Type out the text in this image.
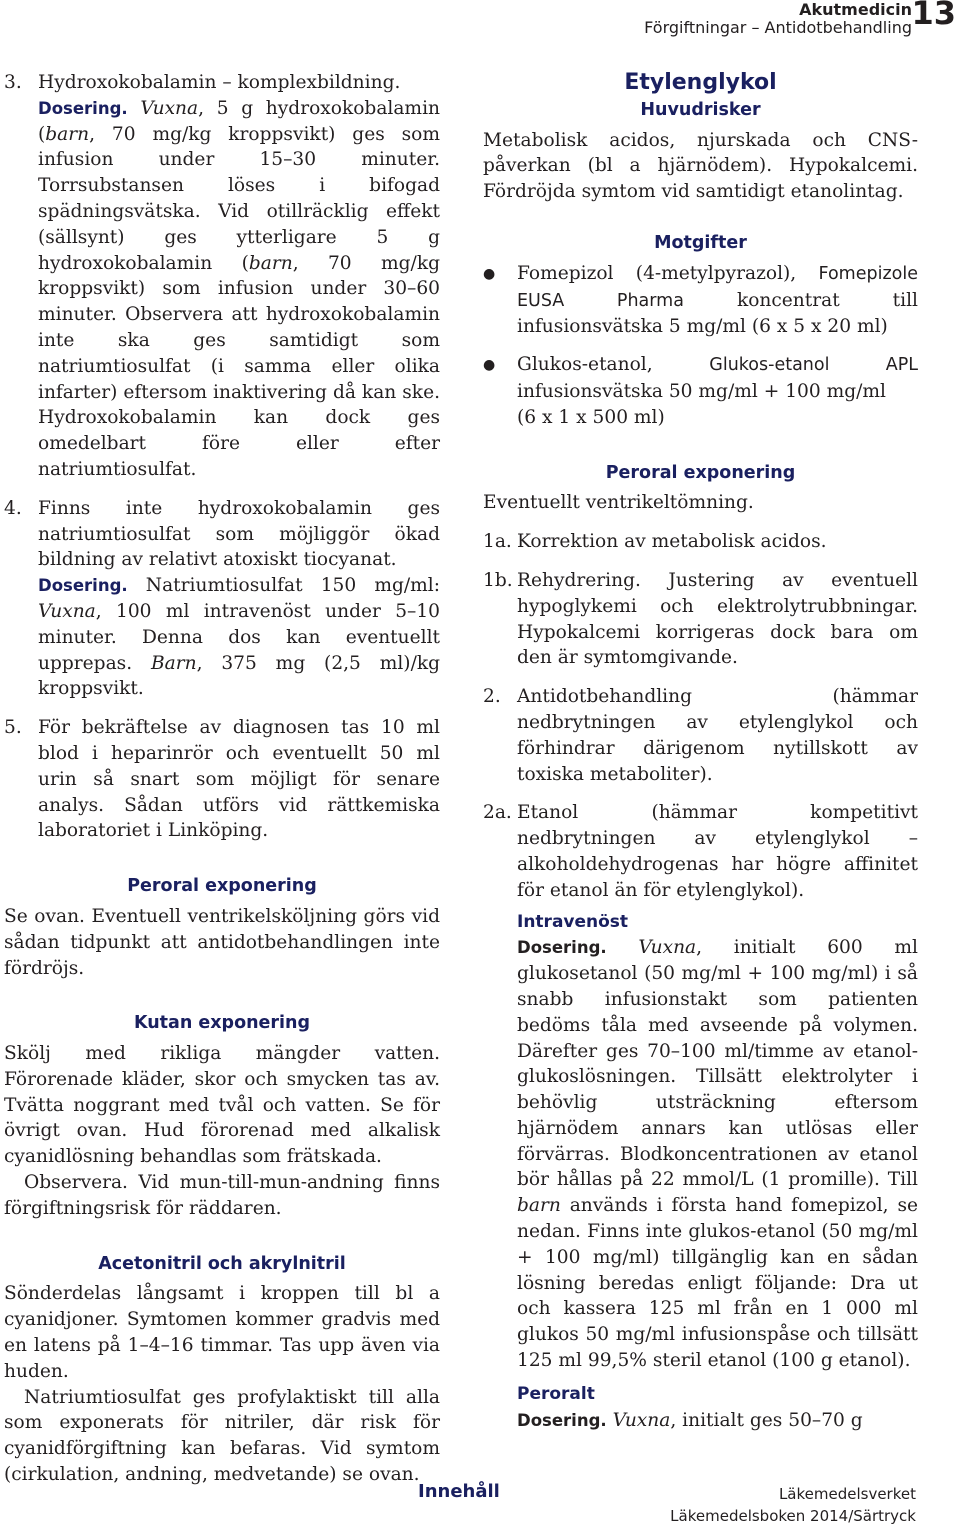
Akutmedicin
Förgiftningar – Antidotbehandling 13
3. Hydroxokobalamin – komplexbildning.
Dosering. Vuxna, 5 g hydroxokobalamin (barn, 70 mg/kg kroppsvikt) ges som infusion under 15–30 minuter. Torrsubstansen löses i bifogad spädningsvätska. Vid otillräcklig effekt (sällsynt) ges ytterligare 5 g hydroxokobalamin (barn, 70 mg/kg kroppsvikt) som infusion under 30–60 minuter. Observera att hydroxokobalamin inte ska ges samtidigt som natriumtiosulfat (i samma eller olika infarter) eftersom inaktivering då kan ske. Hydroxokobalamin kan dock ges omedelbart före eller efter natriumtiosulfat.
4. Finns inte hydroxokobalamin ges natriumtiosulfat som möjliggör ökad bildning av relativt atoxiskt tiocyanat.
Dosering. Natriumtiosulfat 150 mg/ml: Vuxna, 100 ml intravenöst under 5–10 minuter. Denna dos kan eventuellt upprepas. Barn, 375 mg (2,5 ml)/kg kroppsvikt.
5. För bekräftelse av diagnosen tas 10 ml blod i heparinrör och eventuellt 50 ml urin så snart som möjligt för senare analys. Sådan utförs vid rättkemiska laboratoriet i Linköping.
Peroral exponering

Se ovan. Eventuell ventrikelsköljning görs vid sådan tidpunkt att antidotbehandlingen inte fördröjs.

Kutan exponering

Skölj med rikliga mängder vatten. Förorenade kläder, skor och smycken tas av. Tvätta noggrant med tvål och vatten. Se för övrigt ovan. Hud förorenad med alkalisk cyanidlösning behandlas som frätskada.

Observera. Vid mun-till-mun-andning finns förgiftningsrisk för räddaren.

Acetonitril och akrylnitril

Sönderdelas långsamt i kroppen till bl a cyanidjoner. Symtomen kommer gradvis med en latens på 1–4–16 timmar. Tas upp även via huden.

Natriumtiosulfat ges profylaktiskt till alla som exponerats för nitriler, där risk för cyanidförgiftning kan befaras. Vid symtom (cirkulation, andning, medvetande) se ovan.

Etylenglykol
Huvudrisker

Metabolisk acidos, njurskada och CNS-påverkan (bl a hjärnödem). Hypokalcemi. Fördröjda symtom vid samtidigt etanolintag.

Motgifter
●	Fomepizol (4-metylpyrazol), Fomepizole EUSA Pharma koncentrat till infusionsvätska 5 mg/ml (6 x 5 x 20 ml)
●	Glukos-etanol, Glukos-etanol APL infusionsvätska 50 mg/ml + 100 mg/ml
(6 x 1 x 500 ml)
Peroral exponering

Eventuellt ventrikeltömning.

1a. Korrektion av metabolisk acidos.
1b. Rehydrering. Justering av eventuell hypoglykemi och elektrolytrubbningar. Hypokalcemi korrigeras dock bara om den är symtomgivande.
2. Antidotbehandling (hämmar nedbrytningen av etylenglykol och förhindrar därigenom nytillskott av toxiska metaboliter).
2a. Etanol (hämmar kompetitivt nedbrytningen av etylenglykol – alkoholdehydrogenas har högre affinitet för etanol än för etylenglykol).
Intravenöst
Dosering. Vuxna, initialt 600 ml glukosetanol (50 mg/ml + 100 mg/ml) i så snabb infusionstakt som patienten bedöms tåla med avseende på volymen. Därefter ges 70–100 ml/timme av etanol-glukoslösningen. Tillsätt elektrolyter i behövlig utsträckning eftersom hjärnödem annars kan utlösas eller förvärras. Blodkoncentrationen av etanol bör hållas på 22 mmol/L (1 promille). Till barn används i första hand fomepizol, se nedan. Finns inte glukos-etanol (50 mg/ml + 100 mg/ml) tillgänglig kan en sådan lösning beredas enligt följande: Dra ut och kassera 125 ml från en 1 000 ml glukos 50 mg/ml infusionspåse och tillsätt 125 ml 99,5% steril etanol (100 g etanol).
Peroralt
Dosering. Vuxna, initialt ges 50–70 g
Innehåll	Läkemedelsverket
Läkemedelsboken 2014/Särtryck
